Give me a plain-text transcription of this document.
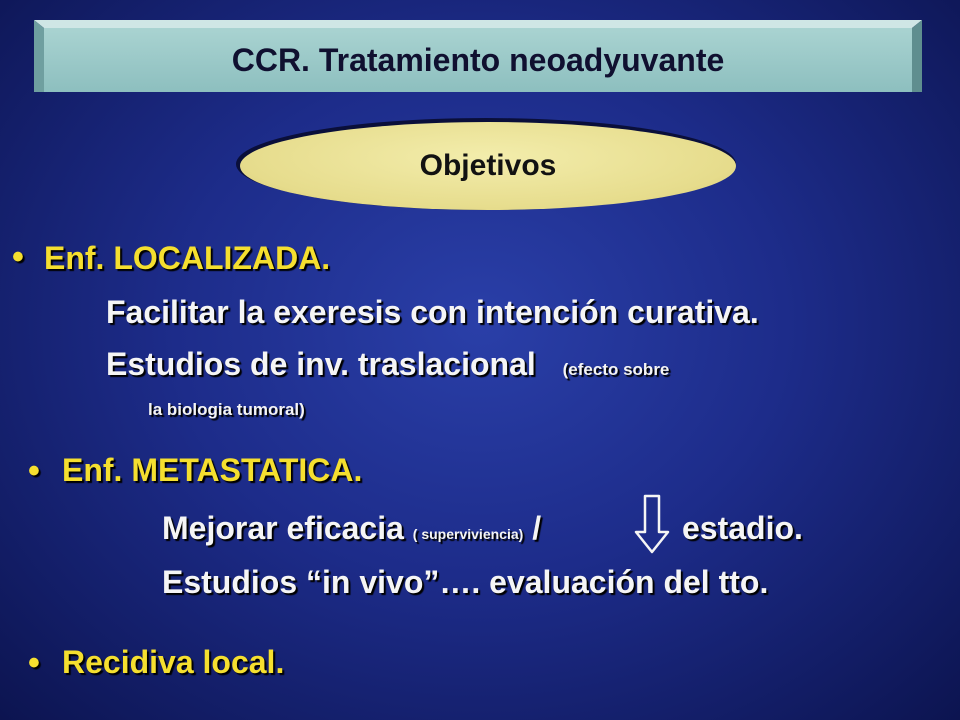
CCR. Tratamiento neoadyuvante
Objetivos
• Enf. LOCALIZADA.
Facilitar la exeresis con intención curativa.
Estudios de inv. traslacional (efecto sobre
la biologia tumoral)
• Enf. METASTATICA.
Mejorar eficacia ( superviviencia) /	estadio.
Estudios “in vivo”…. evaluación del tto.
• Recidiva local.
